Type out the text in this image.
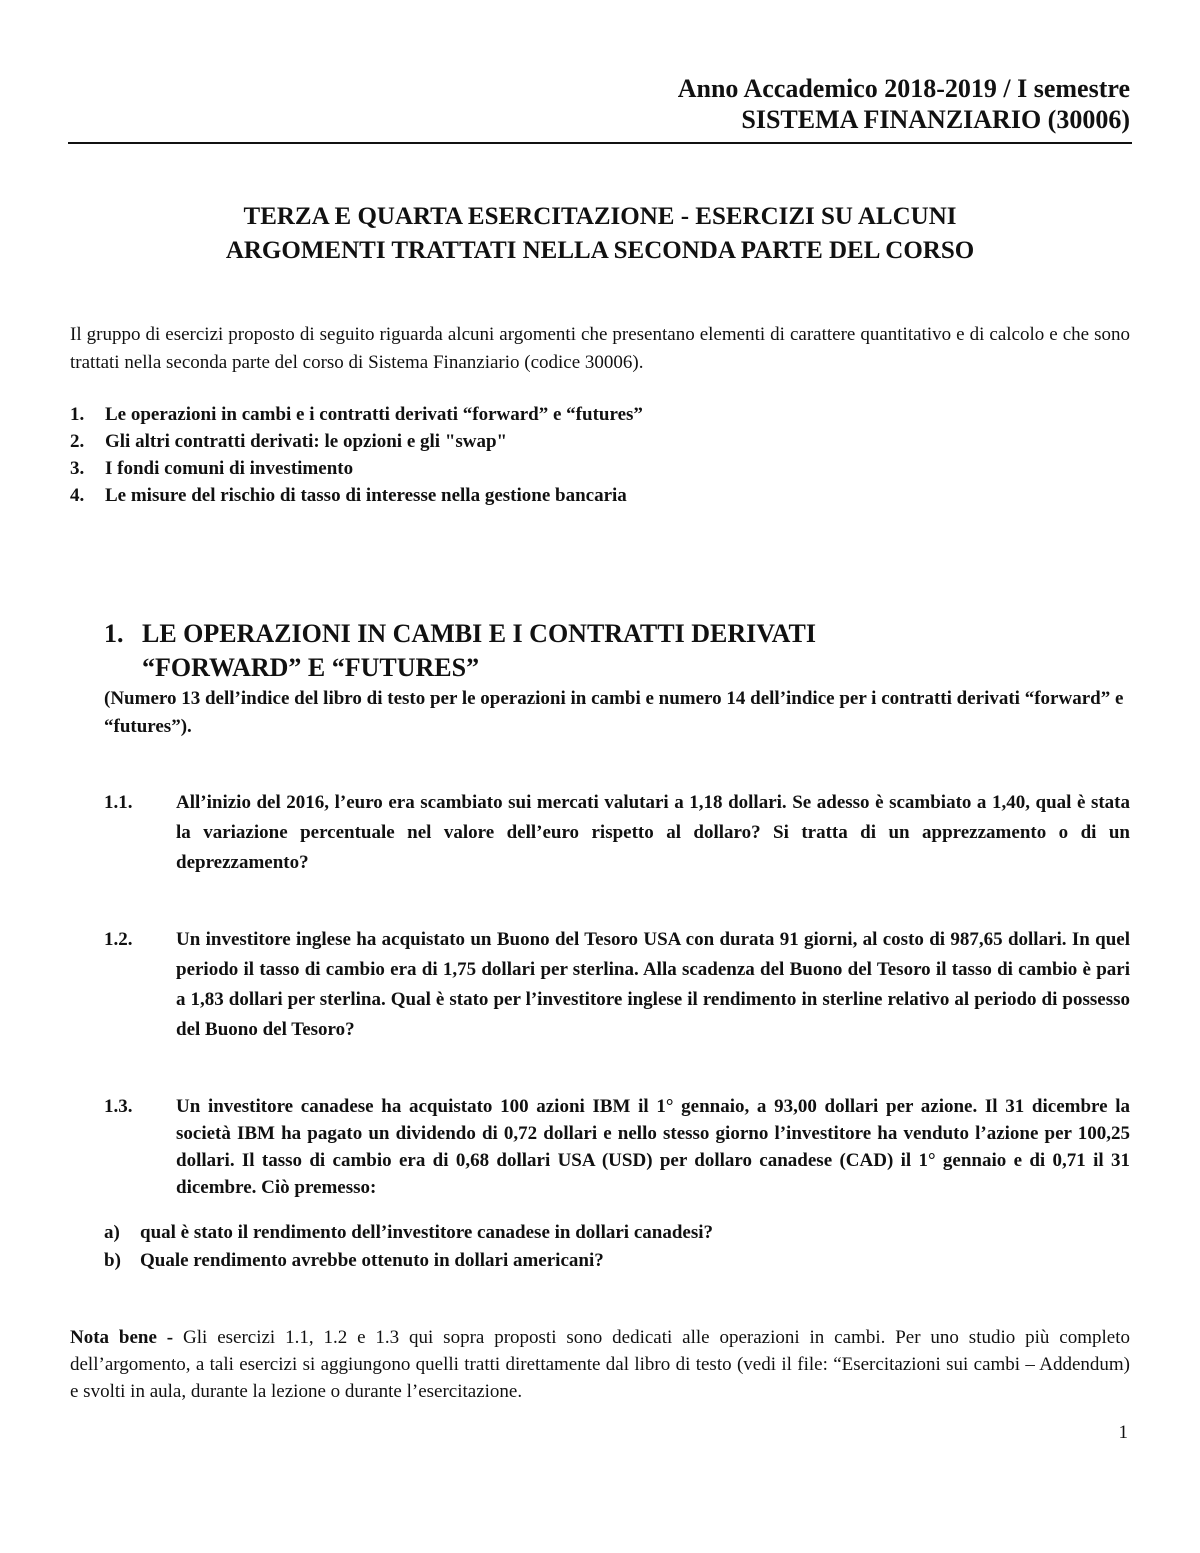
Anno Accademico 2018-2019 / I semestre
SISTEMA FINANZIARIO (30006)
TERZA E QUARTA ESERCITAZIONE - ESERCIZI SU ALCUNI
ARGOMENTI TRATTATI NELLA SECONDA PARTE DEL CORSO
Il gruppo di esercizi proposto di seguito riguarda alcuni argomenti che presentano elementi di carattere quantitativo e di calcolo e che sono trattati nella seconda parte del corso di Sistema Finanziario (codice 30006).
1.	Le operazioni in cambi e i contratti derivati “forward” e “futures”
2.	Gli altri contratti derivati: le opzioni e gli "swap"
3.	I fondi comuni di investimento
4.	Le misure del rischio di tasso di interesse nella gestione bancaria
1. LE OPERAZIONI IN CAMBI E I CONTRATTI DERIVATI
“FORWARD” E “FUTURES”
(Numero 13 dell’indice del libro di testo per le operazioni in cambi e numero 14 dell’indice per i contratti derivati “forward” e “futures”).
1.1.	All’inizio del 2016, l’euro era scambiato sui mercati valutari a 1,18 dollari. Se adesso è scambiato a 1,40, qual è stata la variazione percentuale nel valore dell’euro rispetto al dollaro? Si tratta di un apprezzamento o di un deprezzamento?
1.2.	Un investitore inglese ha acquistato un Buono del Tesoro USA con durata 91 giorni, al costo di 987,65 dollari. In quel periodo il tasso di cambio era di 1,75 dollari per sterlina. Alla scadenza del Buono del Tesoro il tasso di cambio è pari a 1,83 dollari per sterlina. Qual è stato per l’investitore inglese il rendimento in sterline relativo al periodo di possesso del Buono del Tesoro?
1.3.	Un investitore canadese ha acquistato 100 azioni IBM il 1° gennaio, a 93,00 dollari per azione. Il 31 dicembre la società IBM ha pagato un dividendo di 0,72 dollari e nello stesso giorno l’investitore ha venduto l’azione per 100,25 dollari. Il tasso di cambio era di 0,68 dollari USA (USD) per dollaro canadese (CAD) il 1° gennaio e di 0,71 il 31 dicembre. Ciò premesso:
a)	qual è stato il rendimento dell’investitore canadese in dollari canadesi?
b)	Quale rendimento avrebbe ottenuto in dollari americani?
Nota bene - Gli esercizi 1.1, 1.2 e 1.3 qui sopra proposti sono dedicati alle operazioni in cambi. Per uno studio più completo dell’argomento, a tali esercizi si aggiungono quelli tratti direttamente dal libro di testo (vedi il file: “Esercitazioni sui cambi – Addendum) e svolti in aula, durante la lezione o durante l’esercitazione.
1
